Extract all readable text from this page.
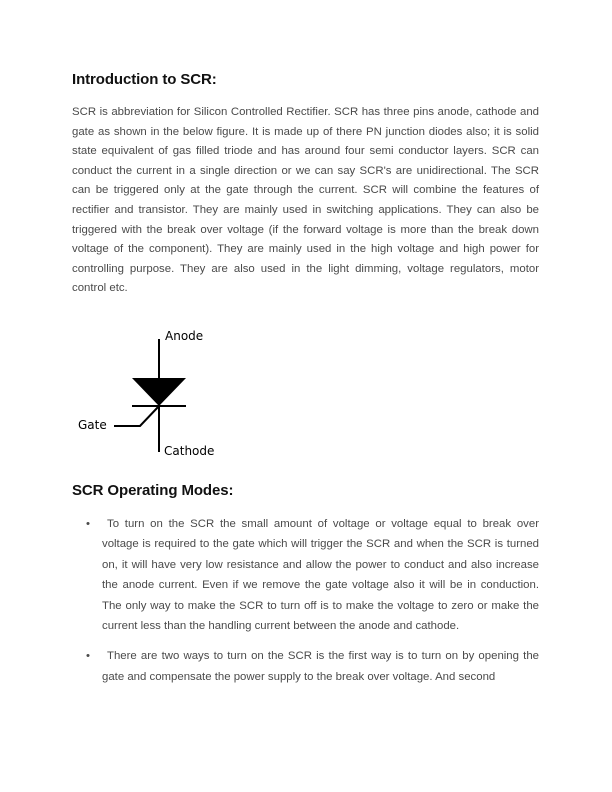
Introduction to SCR:

SCR is abbreviation for Silicon Controlled Rectifier. SCR has three pins anode, cathode and gate as shown in the below figure. It is made up of there PN junction diodes also; it is solid state equivalent of gas filled triode and has around four semi conductor layers. SCR can conduct the current in a single direction or we can say SCR's are unidirectional. The SCR can be triggered only at the gate through the current. SCR will combine the features of rectifier and transistor. They are mainly used in switching applications. They can also be triggered with the break over voltage (if the forward voltage is more than the break down voltage of the component). They are mainly used in the high voltage and high power for controlling purpose. They are also used in the light dimming, voltage regulators, motor control etc.

Anode
Gate
Cathode
SCR Operating Modes:
•	To turn on the SCR the small amount of voltage or voltage equal to break over voltage is required to the gate which will trigger the SCR and when the SCR is turned on, it will have very low resistance and allow the power to conduct and also increase the anode current. Even if we remove the gate voltage also it will be in conduction. The only way to make the SCR to turn off is to make the voltage to zero or make the current less than the handling current between the anode and cathode.
•	There are two ways to turn on the SCR is the first way is to turn on by opening the gate and compensate the power supply to the break over voltage. And second
